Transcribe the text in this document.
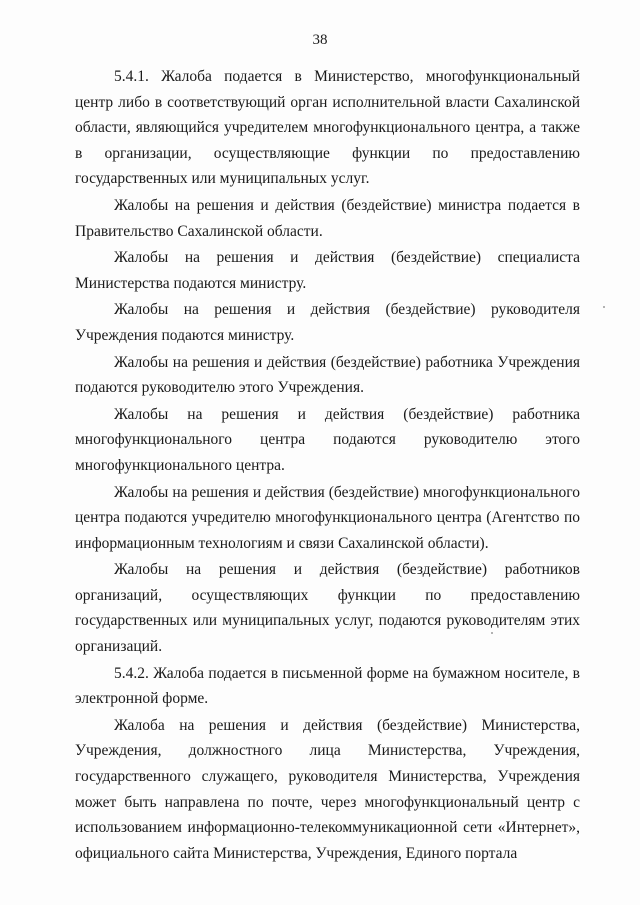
38

5.4.1. Жалоба подается в Министерство, многофункциональный центр либо в соответствующий орган исполнительной власти Сахалинской области, являющийся учредителем многофункционального центра, а также в организации, осуществляющие функции по предоставлению государственных или муниципальных услуг.

Жалобы на решения и действия (бездействие) министра подается в Правительство Сахалинской области.

Жалобы на решения и действия (бездействие) специалиста Министерства подаются министру.

Жалобы на решения и действия (бездействие) руководителя Учреждения подаются министру.

Жалобы на решения и действия (бездействие) работника Учреждения подаются руководителю этого Учреждения.

Жалобы на решения и действия (бездействие) работника многофункционального центра подаются руководителю этого многофункционального центра.

Жалобы на решения и действия (бездействие) многофункционального центра подаются учредителю многофункционального центра (Агентство по информационным технологиям и связи Сахалинской области).

Жалобы на решения и действия (бездействие) работников организаций, осуществляющих функции по предоставлению государственных или муниципальных услуг, подаются руководителям этих организаций.

5.4.2. Жалоба подается в письменной форме на бумажном носителе, в электронной форме.

Жалоба на решения и действия (бездействие) Министерства, Учреждения, должностного лица Министерства, Учреждения, государственного служащего, руководителя Министерства, Учреждения может быть направлена по почте, через многофункциональный центр с использованием информационно-телекоммуникационной сети «Интернет», официального сайта Министерства, Учреждения, Единого портала
